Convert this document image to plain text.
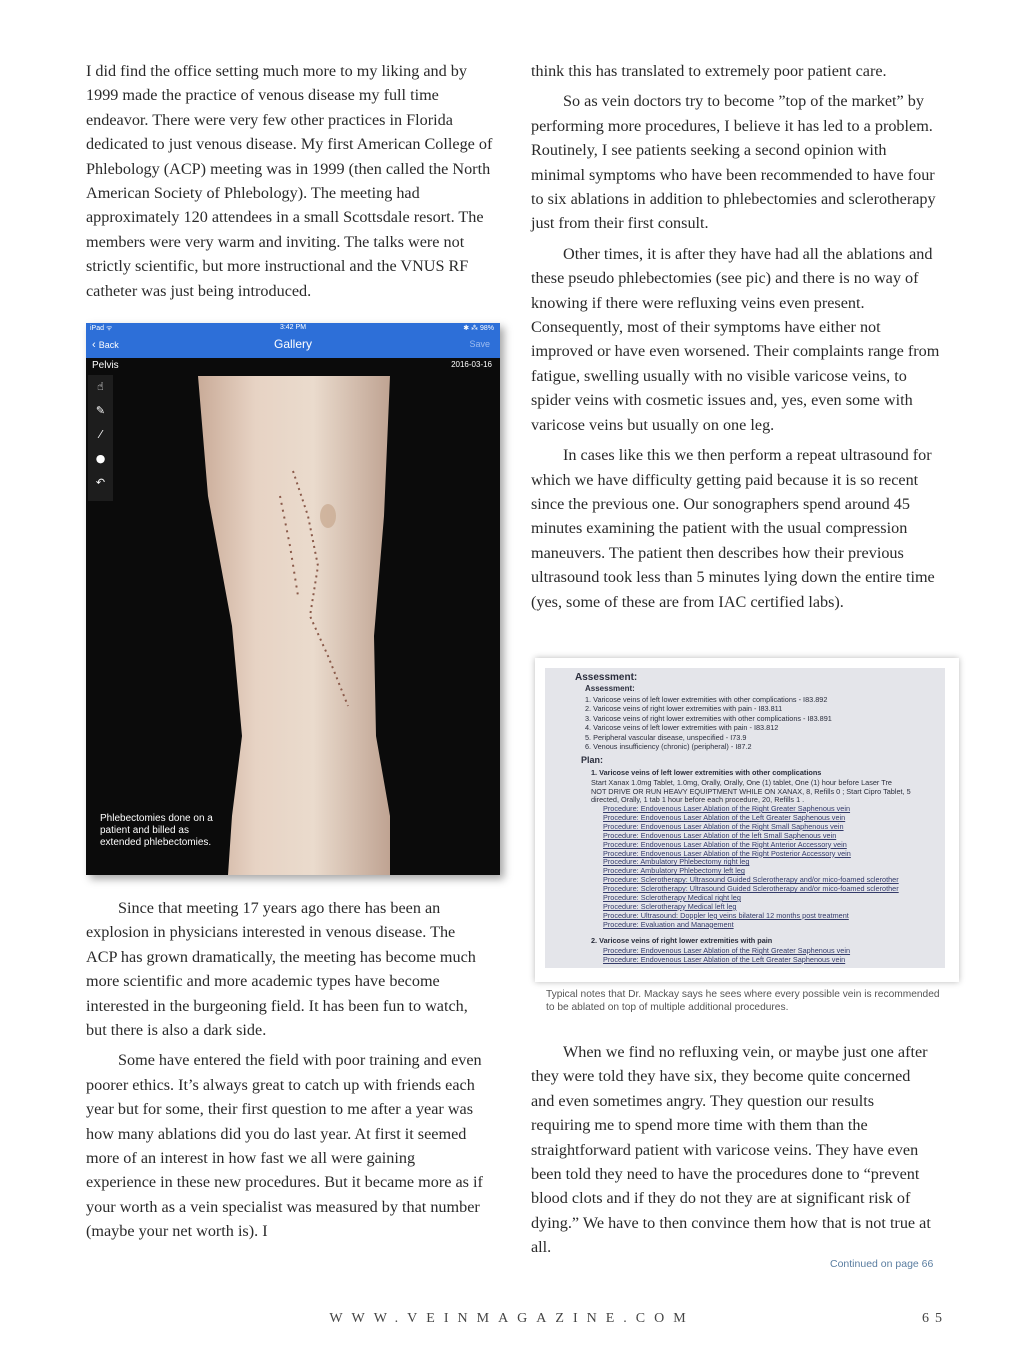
I did find the office setting much more to my liking and by 1999 made the practice of venous disease my full time endeavor. There were very few other practices in Florida dedicated to just venous disease. My first American College of Phlebology (ACP) meeting was in 1999 (then called the North American Society of Phlebology). The meeting had approximately 120 attendees in a small Scottsdale resort. The members were very warm and inviting. The talks were not strictly scientific, but more instructional and the VNUS RF catheter was just being introduced.

iPad ᯤ	3:42 PM	✱ ⁂ 98%
‹ Back	Gallery	Save
Pelvis	2016-03-16
☝
✎
⁄
●
↶
Phlebectomies done on a patient and billed as extended phlebectomies.

Since that meeting 17 years ago there has been an explosion in physicians interested in venous disease. The ACP has grown dramatically, the meeting has become much more scientific and more academic types have become interested in the burgeoning field. It has been fun to watch, but there is also a dark side.

Some have entered the field with poor training and even poorer ethics. It’s always great to catch up with friends each year but for some, their first question to me after a year was how many ablations did you do last year. At first it seemed more of an interest in how fast we all were gaining experience in these new procedures. But it became more as if your worth as a vein specialist was measured by that number (maybe your net worth is). I

think this has translated to extremely poor patient care.

So as vein doctors try to become ”top of the market” by performing more procedures, I believe it has led to a problem. Routinely, I see patients seeking a second opinion with minimal symptoms who have been recommended to have four to six ablations in addition to phlebectomies and sclerotherapy just from their first consult.

Other times, it is after they have had all the ablations and these pseudo phlebectomies (see pic) and there is no way of knowing if there were refluxing veins even present. Consequently, most of their symptoms have either not improved or have even worsened. Their complaints range from fatigue, swelling usually with no visible varicose veins, to spider veins with cosmetic issues and, yes, even some with varicose veins but usually on one leg.

In cases like this we then perform a repeat ultrasound for which we have difficulty getting paid because it is so recent since the previous one. Our sonographers spend around 45 minutes examining the patient with the usual compression maneuvers. The patient then describes how their previous ultrasound took less than 5 minutes lying down the entire time (yes, some of these are from IAC certified labs).

Assessment:
Assessment:
1. Varicose veins of left lower extremities with other complications - I83.892
2. Varicose veins of right lower extremities with pain - I83.811
3. Varicose veins of right lower extremities with other complications - I83.891
4. Varicose veins of left lower extremities with pain - I83.812
5. Peripheral vascular disease, unspecified - I73.9
6. Venous insufficiency (chronic) (peripheral) - I87.2
Plan:
1. Varicose veins of left lower extremities with other complications
Start Xanax 1.0mg Tablet, 1.0mg, Orally, Orally, One (1) tablet, One (1) hour before Laser Tre
NOT DRIVE OR RUN HEAVY EQUIPTMENT WHILE ON XANAX, 8, Refills 0 ; Start Cipro Tablet, 5
directed, Orally, 1 tab 1 hour before each procedure, 20, Refills 1 .
Procedure: Endovenous Laser Ablation of the Right Greater Saphenous vein
Procedure: Endovenous Laser Ablation of the Left Greater Saphenous vein
Procedure: Endovenous Laser Ablation of the Right Small Saphenous vein
Procedure: Endovenous Laser Ablation of the left Small Saphenous vein
Procedure: Endovenous Laser Ablation of the Right Anterior Accessory vein
Procedure: Endovenous Laser Ablation of the Right Posterior Accessory vein
Procedure: Ambulatory Phlebectomy right leg
Procedure: Ambulatory Phlebectomy left leg
Procedure: Sclerotherapy: Ultrasound Guided Sclerotherapy and/or mico-foamed sclerother
Procedure: Sclerotherapy: Ultrasound Guided Sclerotherapy and/or mico-foamed sclerother
Procedure: Sclerotherapy Medical right leg
Procedure: Sclerotherapy Medical left leg
Procedure: Ultrasound: Doppler leg veins bilateral 12 months post treatment
Procedure: Evaluation and Management
2. Varicose veins of right lower extremities with pain
Procedure: Endovenous Laser Ablation of the Right Greater Saphenous vein
Procedure: Endovenous Laser Ablation of the Left Greater Saphenous vein
Typical notes that Dr. Mackay says he sees where every possible vein is recommended to be ablated on top of multiple additional procedures.

When we find no refluxing vein, or maybe just one after they were told they have six, they become quite concerned and even sometimes angry. They question our results requiring me to spend more time with them than the straightforward patient with varicose veins. They have even been told they need to have the procedures done to “prevent blood clots and if they do not they are at significant risk of dying.” We have to then convince them how that is not true at all.

Continued on page 66
WWW.VEINMAGAZINE.COM	65
